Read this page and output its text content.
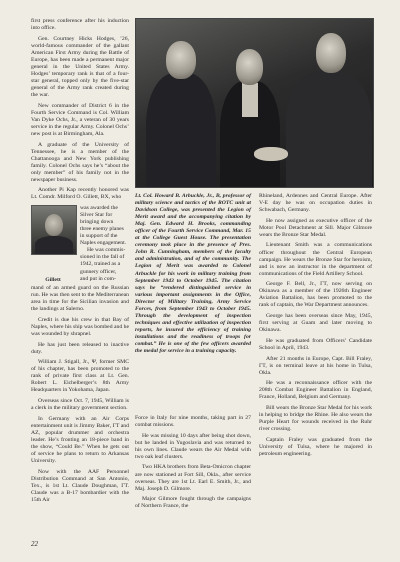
first press conference after his induction into office.

Gen. Courtney Hicks Hodges, ’26, world-famous commander of the gallant American First Army during the Battle of Europe, has been made a permanent major general in the United States Army. Hodges’ temporary rank is that of a four-star general, topped only by the five-star general of the Army rank created during the war.

New commander of District 6 in the Fourth Service Command is Col. William Van Dyke Ochs, Jr., a veteran of 30 years service in the regular Army. Colonel Ochs’ new post is at Birmingham, Ala.

A graduate of the University of Tennessee, he is a member of the Chattanooga and New York publishing family. Colonel Ochs says he’s “about the only member” of his family not in the newspaper business.

Another Pi Kap recently honored was Lt. Comdr. Milford O. Gillett, BX, who

was awarded the
Silver Star for
bringing down
three enemy planes
in support of the
Naples engagement.
He was commis-
sioned in the fall of
1942, trained as a
gunnery officer,
and put in com-
Gillett

mand of an armed guard on the Russian run. He was then sent to the Mediterranean area in time for the Sicilian invasion and the landings at Salerno.

Credit is due his crew in that Bay of Naples, where his ship was bombed and he was wounded by shrapnel.

He has just been released to inactive duty.

William J. Stigall, Jr., Ψ, former SMC of his chapter, has been promoted to the rank of private first class at Lt. Gen. Robert L. Eichelberger’s 8th Army Headquarters in Yokohama, Japan.

Overseas since Oct. 7, 1945, William is a clerk in the military government section.

In Germany with an Air Corps entertainment unit is Jimmy Baker, ΓΤ and AZ, popular drummer and orchestra leader. He’s fronting an 18-piece band in the show, “Could Be.” When he gets out of service he plans to return to Arkansas University.

Now with the AAF Personnel Distribution Command at San Antonio, Tex., is 1st Lt. Claude Doughman, ΓΤ. Claude was a B-17 bombardier with the 15th Air

Lt. Col. Howard B. Arbuckle, Jr., B, professor of military science and tactics of the ROTC unit at Davidson College, was presented the Legion of Merit award and the accompanying citation by Maj. Gen. Edward H. Brooks, commanding officer of the Fourth Service Command, Mar. 15 at the College Guest House. The presentation ceremony took place in the presence of Pres. John R. Cunningham, members of the faculty and administration, and of the community. The Legion of Merit was awarded to Colonel Arbuckle for his work in military training from September 1943 to October 1945. The citation says he “rendered distinguished service in various important assignments in the Office, Director of Military Training, Army Service Forces, from September 1943 to October 1945. Through the development of inspection techniques and effective utilization of inspection reports, he insured the efficiency of training installations and the readiness of troops for combat.” He is one of the few officers awarded the medal for service in a training capacity.

Force in Italy for nine months, taking part in 27 combat missions.

He was missing 10 days after being shot down, but he landed in Yugoslavia and was returned to his own lines. Claude wears the Air Medal with two oak leaf clusters.

Two HKA brothers from Beta-Omicron chapter are now stationed at Fort Sill, Okla., after service overseas. They are 1st Lt. Earl E. Smith, Jr., and Maj. Joseph D. Gilmore.

Major Gilmore fought through the campaigns of Northern France, the

Rhineland, Ardennes and Central Europe. After V-E day he was on occupation duties in Schwabach, Germany.

He now assigned as executive officer of the Motor Pool Detachment at Sill. Major Gilmore wears the Bronze Star Medal.

Lieutenant Smith was a communications officer throughout the Central European campaign. He wears the Bronze Star for heroism, and is now an instructor in the department of communications of the Field Artillery School.

George F. Bell, Jr., ΓΤ, now serving on Okinawa as a member of the 1926th Engineer Aviation Battalion, has been promoted to the rank of captain, the War Department announces.

George has been overseas since May, 1945, first serving at Guam and later moving to Okinawa.

He was graduated from Officers’ Candidate School in April, 1943.

After 21 months in Europe, Capt. Bill Fraley, ΓΤ, is on terminal leave at his home in Tulsa, Okla.

He was a reconnaissance officer with the 208th Combat Engineer Battalion in England, France, Holland, Belgium and Germany.

Bill wears the Bronze Star Medal for his work in helping to bridge the Rhine. He also wears the Purple Heart for wounds received in the Ruhr river crossing.

Captain Fraley was graduated from the University of Tulsa, where he majored in petroleum engineering.

22
